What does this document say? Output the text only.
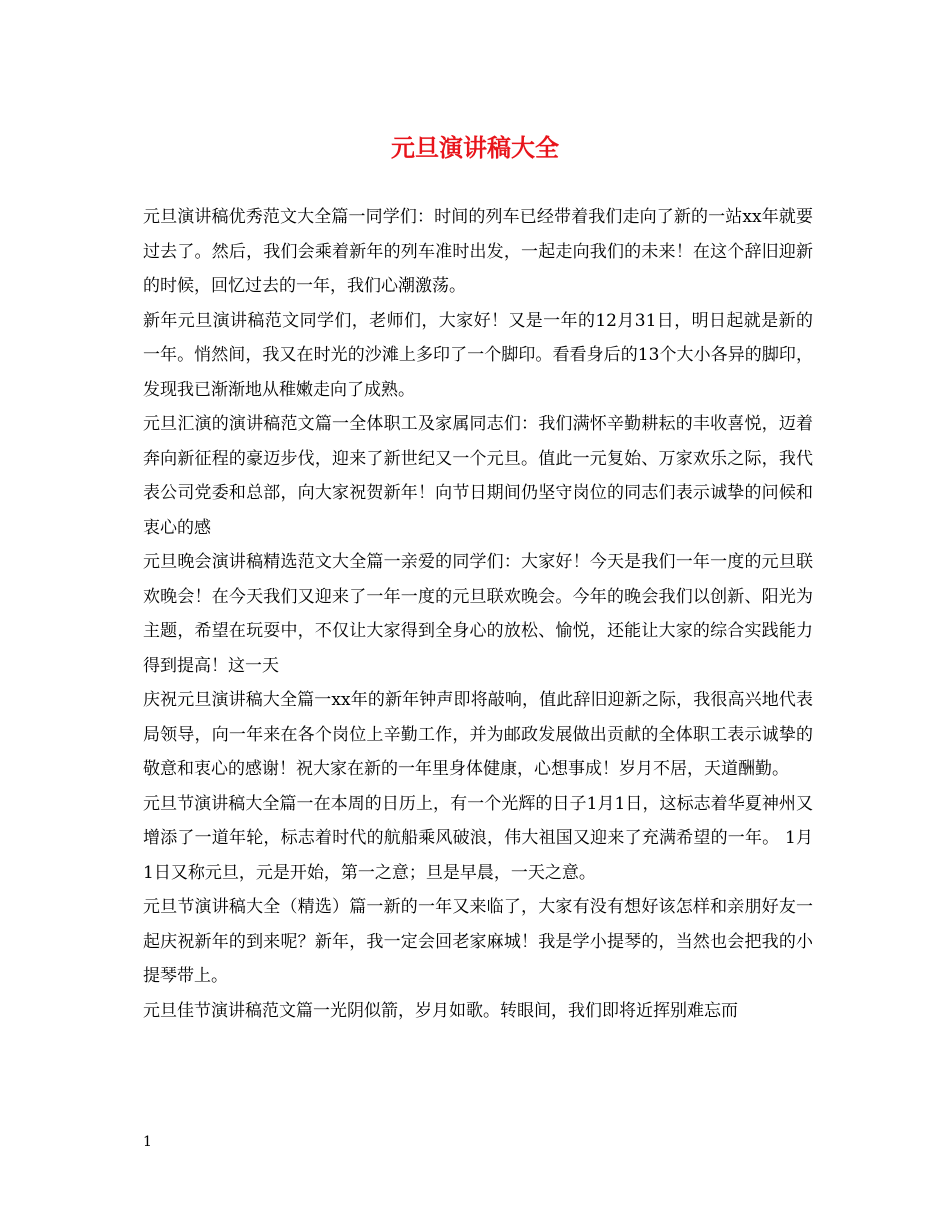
元旦演讲稿大全

元旦演讲稿优秀范文大全篇一同学们：时间的列车已经带着我们走向了新的一站xx年就要过去了。然后，我们会乘着新年的列车准时出发，一起走向我们的未来！在这个辞旧迎新的时候，回忆过去的一年，我们心潮激荡。

新年元旦演讲稿范文同学们，老师们，大家好！又是一年的12月31日，明日起就是新的一年。悄然间，我又在时光的沙滩上多印了一个脚印。看看身后的13个大小各异的脚印，发现我已渐渐地从稚嫩走向了成熟。

元旦汇演的演讲稿范文篇一全体职工及家属同志们：我们满怀辛勤耕耘的丰收喜悦，迈着奔向新征程的豪迈步伐，迎来了新世纪又一个元旦。值此一元复始、万家欢乐之际，我代表公司党委和总部，向大家祝贺新年！向节日期间仍坚守岗位的同志们表示诚挚的问候和衷心的感

元旦晚会演讲稿精选范文大全篇一亲爱的同学们：大家好！今天是我们一年一度的元旦联欢晚会！在今天我们又迎来了一年一度的元旦联欢晚会。今年的晚会我们以创新、阳光为主题，希望在玩耍中，不仅让大家得到全身心的放松、愉悦，还能让大家的综合实践能力得到提高！这一天

庆祝元旦演讲稿大全篇一xx年的新年钟声即将敲响，值此辞旧迎新之际，我很高兴地代表局领导，向一年来在各个岗位上辛勤工作，并为邮政发展做出贡献的全体职工表示诚挚的敬意和衷心的感谢！祝大家在新的一年里身体健康，心想事成！岁月不居，天道酬勤。

元旦节演讲稿大全篇一在本周的日历上，有一个光辉的日子1月1日，这标志着华夏神州又增添了一道年轮，标志着时代的航船乘风破浪，伟大祖国又迎来了充满希望的一年。 1月1日又称元旦，元是开始，第一之意；旦是早晨，一天之意。

元旦节演讲稿大全（精选）篇一新的一年又来临了，大家有没有想好该怎样和亲朋好友一起庆祝新年的到来呢？新年，我一定会回老家麻城！我是学小提琴的，当然也会把我的小提琴带上。

元旦佳节演讲稿范文篇一光阴似箭，岁月如歌。转眼间，我们即将近挥别难忘而

1
